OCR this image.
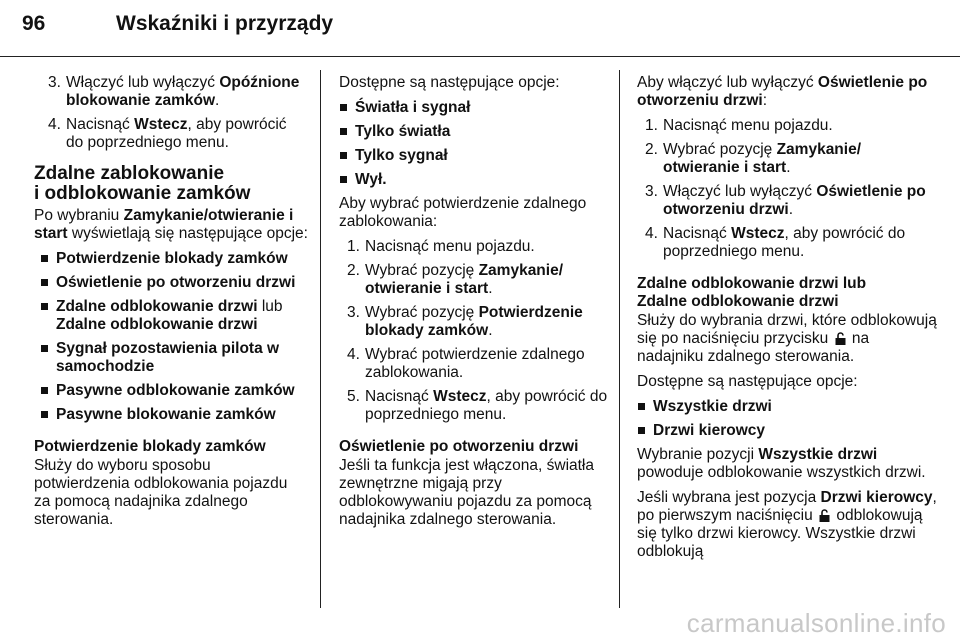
96	Wskaźniki i przyrządy
3. Włączyć lub wyłączyć Opóźnione blokowanie zamków.
4. Nacisnąć Wstecz, aby powrócić do poprzedniego menu.
Zdalne zablokowanie
i odblokowanie zamków

Po wybraniu Zamykanie/otwieranie i start wyświetlają się następujące opcje:

Potwierdzenie blokady zamków
Oświetlenie po otworzeniu drzwi
Zdalne odblokowanie drzwi lub Zdalne odblokowanie drzwi
Sygnał pozostawienia pilota w samochodzie
Pasywne odblokowanie zamków
Pasywne blokowanie zamków
Potwierdzenie blokady zamków

Służy do wyboru sposobu potwierdzenia odblokowania pojazdu za pomocą nadajnika zdalnego sterowania.

Dostępne są następujące opcje:

Światła i sygnał
Tylko światła
Tylko sygnał
Wył.

Aby wybrać potwierdzenie zdalnego zablokowania:

1. Nacisnąć menu pojazdu.
2. Wybrać pozycję Zamykanie/ otwieranie i start.
3. Wybrać pozycję Potwierdzenie blokady zamków.
4. Wybrać potwierdzenie zdalnego zablokowania.
5. Nacisnąć Wstecz, aby powrócić do poprzedniego menu.
Oświetlenie po otworzeniu drzwi

Jeśli ta funkcja jest włączona, światła zewnętrzne migają przy odblokowywaniu pojazdu za pomocą nadajnika zdalnego sterowania.

Aby włączyć lub wyłączyć Oświetlenie po otworzeniu drzwi:

1. Nacisnąć menu pojazdu.
2. Wybrać pozycję Zamykanie/ otwieranie i start.
3. Włączyć lub wyłączyć Oświetlenie po otworzeniu drzwi.
4. Nacisnąć Wstecz, aby powrócić do poprzedniego menu.
Zdalne odblokowanie drzwi lub
Zdalne odblokowanie drzwi

Służy do wybrania drzwi, które odblokowują się po naciśnięciu przycisku  na nadajniku zdalnego sterowania.

Dostępne są następujące opcje:

Wszystkie drzwi
Drzwi kierowcy

Wybranie pozycji Wszystkie drzwi powoduje odblokowanie wszystkich drzwi.

Jeśli wybrana jest pozycja Drzwi kierowcy, po pierwszym naciśnięciu  odblokowują się tylko drzwi kierowcy. Wszystkie drzwi odblokują

carmanualsonline.info
